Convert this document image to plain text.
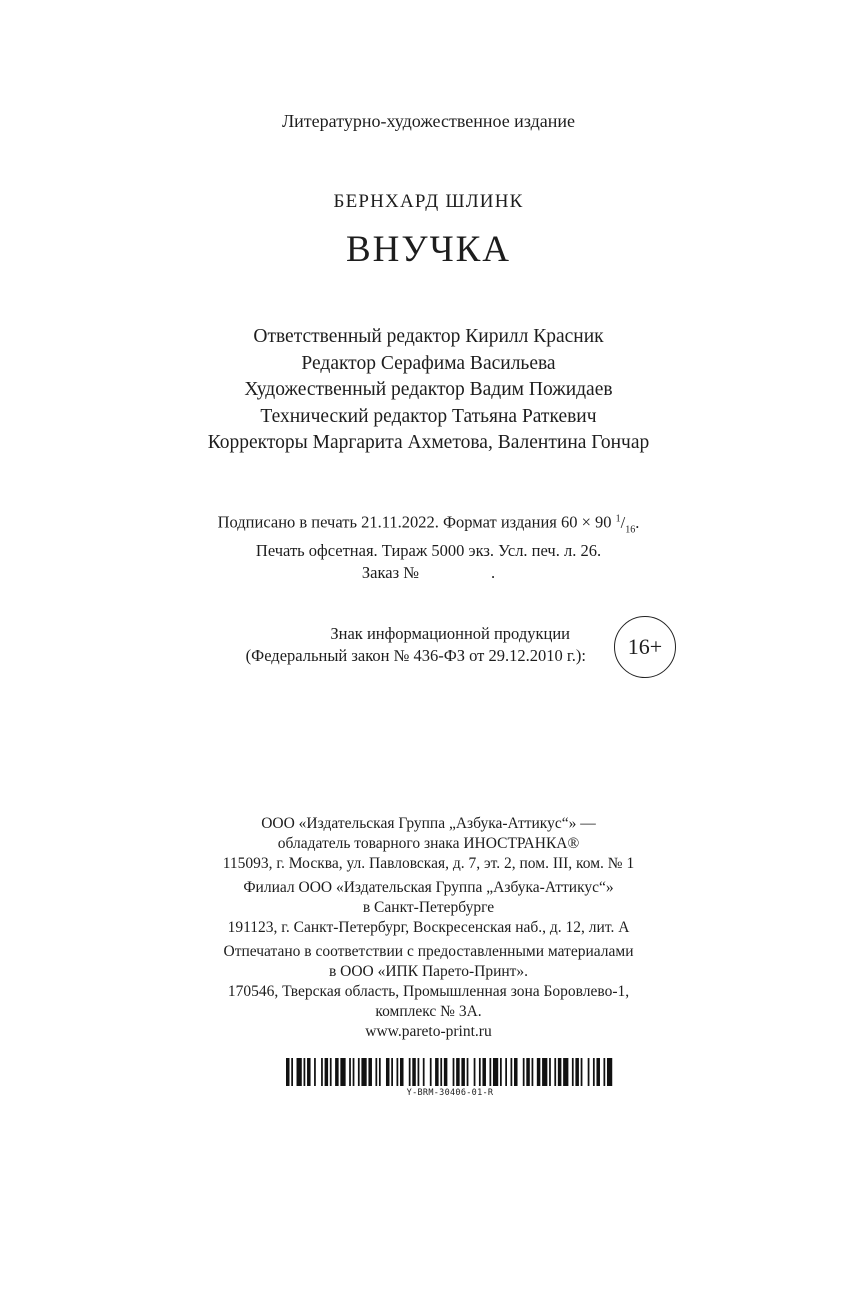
Литературно-художественное издание
БЕРНХАРД ШЛИНК
ВНУЧКА
Ответственный редактор Кирилл Красник
Редактор Серафима Васильева
Художественный редактор Вадим Пожидаев
Технический редактор Татьяна Раткевич
Корректоры Маргарита Ахметова, Валентина Гончар
Подписано в печать 21.11.2022. Формат издания 60 × 90 $^1/_{16}$.
Печать офсетная. Тираж 5000 экз. Усл. печ. л. 26.
Заказ №	.
Знак информационной продукции
(Федеральный закон № 436-ФЗ от 29.12.2010 г.): 16+
ООО «Издательская Группа „Азбука-Аттикус“» —
обладатель товарного знака ИНОСТРАНКА®
115093, г. Москва, ул. Павловская, д. 7, эт. 2, пом. III, ком. № 1
Филиал ООО «Издательская Группа „Азбука-Аттикус“»
в Санкт-Петербурге
191123, г. Санкт-Петербург, Воскресенская наб., д. 12, лит. А
Отпечатано в соответствии с предоставленными материалами
в ООО «ИПК Парето-Принт».
170546, Тверская область, Промышленная зона Боровлево-1,
комплекс № 3А.
www.pareto-print.ru
Y-BRM-30406-01-R
